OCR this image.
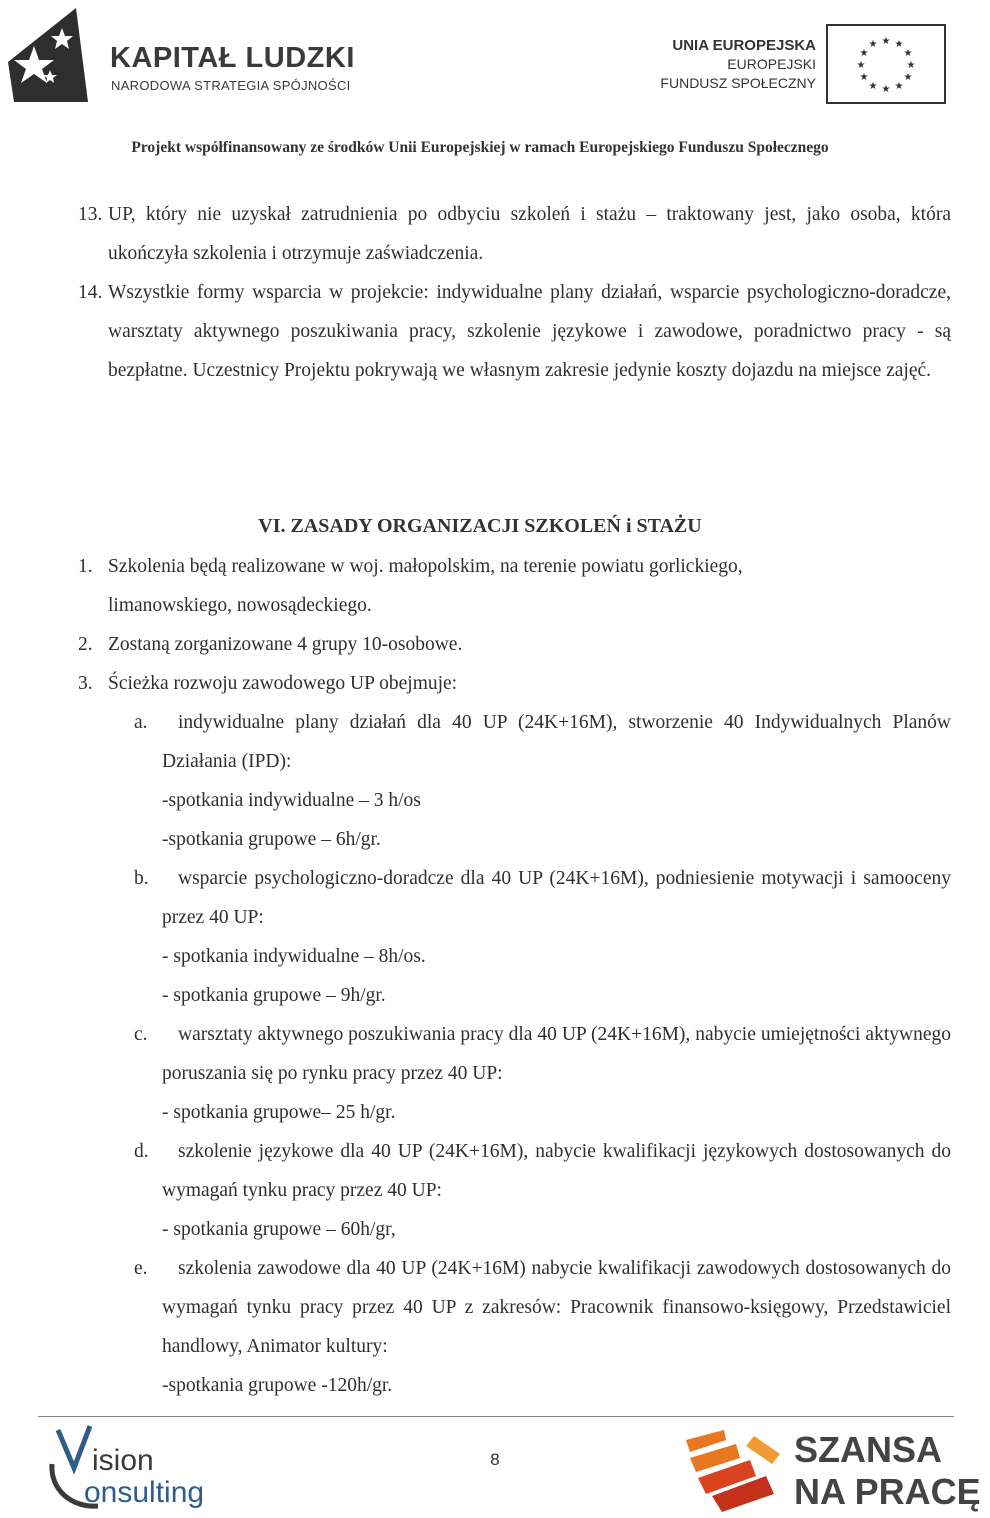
KAPITAŁ LUDZKI
NARODOWA STRATEGIA SPÓJNOŚCI
UNIA EUROPEJSKA
EUROPEJSKI
FUNDUSZ SPOŁECZNY
★ ★
★
★
★
★
★
★
★
★
★
★
Projekt współfinansowany ze środków Unii Europejskiej w ramach Europejskiego Funduszu Społecznego
13. UP, który nie uzyskał zatrudnienia po odbyciu szkoleń i stażu – traktowany jest, jako osoba, która ukończyła szkolenia i otrzymuje zaświadczenia.
14. Wszystkie formy wsparcia w projekcie: indywidualne plany działań, wsparcie psychologiczno-doradcze, warsztaty aktywnego poszukiwania pracy, szkolenie językowe i zawodowe, poradnictwo pracy - są bezpłatne. Uczestnicy Projektu pokrywają we własnym zakresie jedynie koszty dojazdu na miejsce zajęć.
VI. ZASADY ORGANIZACJI SZKOLEŃ i STAŻU
1. Szkolenia będą realizowane w woj. małopolskim, na terenie powiatu gorlickiego, limanowskiego, nowosądeckiego.
2. Zostaną zorganizowane 4 grupy 10-osobowe.
3. Ścieżka rozwoju zawodowego UP obejmuje:
a.	indywidualne plany działań dla 40 UP (24K+16M), stworzenie 40 Indywidualnych Planów Działania (IPD):
-spotkania indywidualne – 3 h/os
-spotkania grupowe – 6h/gr.
b.	wsparcie psychologiczno-doradcze dla 40 UP (24K+16M), podniesienie motywacji i samooceny przez 40 UP:
- spotkania indywidualne – 8h/os.
- spotkania grupowe – 9h/gr.
c.	warsztaty aktywnego poszukiwania pracy dla 40 UP (24K+16M), nabycie umiejętności aktywnego poruszania się po rynku pracy przez 40 UP:
- spotkania grupowe– 25 h/gr.
d.	szkolenie językowe dla 40 UP (24K+16M), nabycie kwalifikacji językowych dostosowanych do wymagań tynku pracy przez 40 UP:
- spotkania grupowe – 60h/gr,
e.	szkolenia zawodowe dla 40 UP (24K+16M) nabycie kwalifikacji zawodowych dostosowanych do wymagań tynku pracy przez 40 UP z zakresów: Pracownik finansowo-księgowy, Przedstawiciel handlowy, Animator kultury:
-spotkania grupowe -120h/gr.
ision
onsulting
8	SZANSA
NA PRACĘ
